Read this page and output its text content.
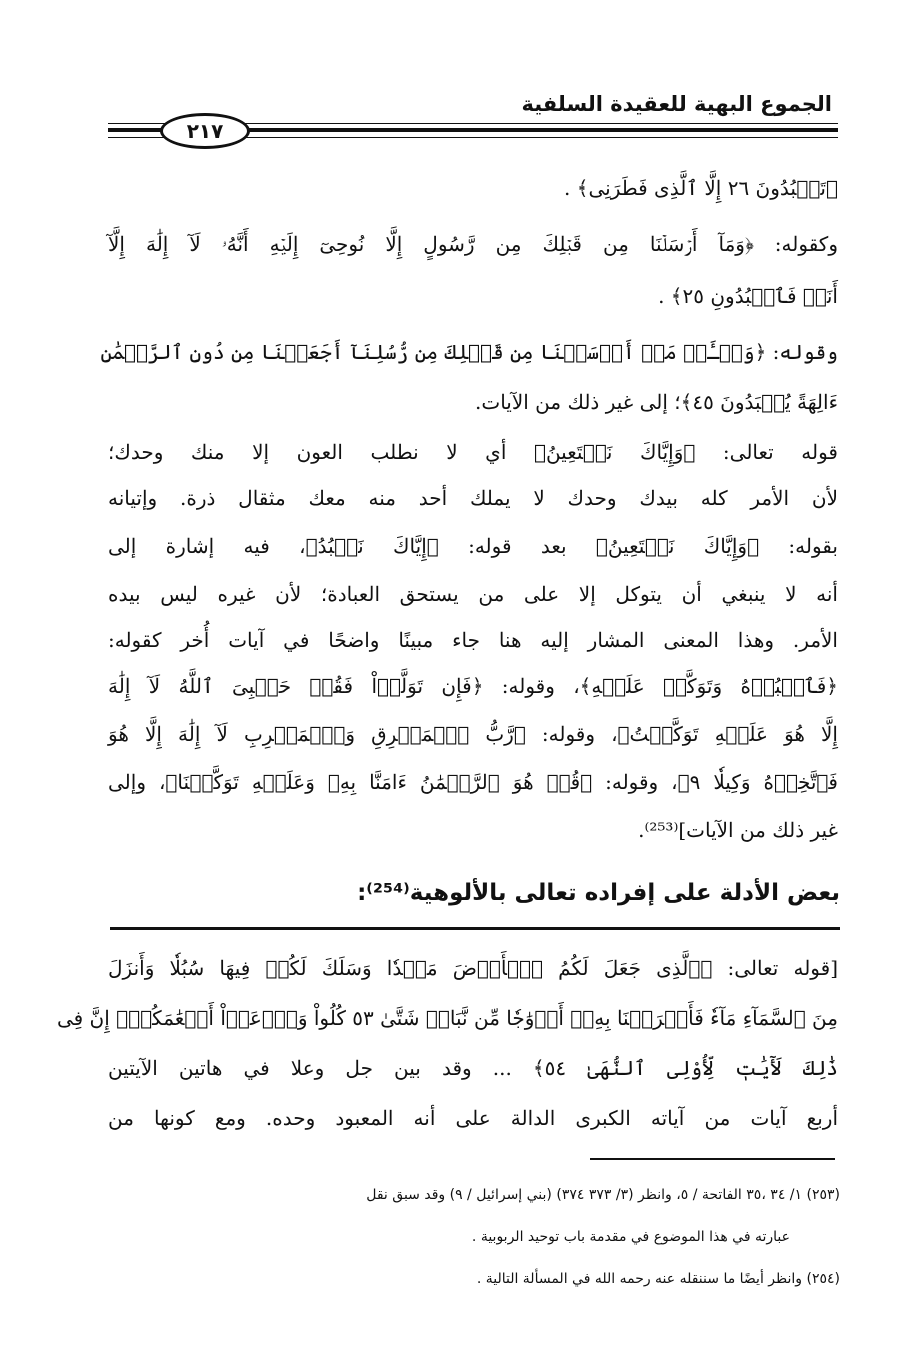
الجموع البهية للعقيدة السلفية
٢١٧
﴿تَعۡبُدُونَ ٢٦ إِلَّا ٱلَّذِی فَطَرَنِی﴾ .
وكقوله: ﴿وَمَآ أَرۡسَلۡنَا مِن قَبۡلِكَ مِن رَّسُولٍ إِلَّا نُوحِیٓ إِلَيۡهِ أَنَّهُۥ لَآ إِلَٰهَ إِلَّآ
أَنَا۠ فَٱعۡبُدُونِ ٢٥﴾ .
وقوله: ﴿وَسۡـَٔلۡ مَنۡ أَرۡسَلۡنَا مِن قَبۡلِكَ مِن رُّسُلِنَآ أَجَعَلۡنَا مِن دُونِ ٱلرَّحۡمَٰنِ
ءَالِهَةً يُعۡبَدُونَ ٤٥﴾؛ إلى غير ذلك من الآيات.
قوله تعالى: ﴿وَإِيَّاكَ نَسۡتَعِينُ﴾ أي لا نطلب العون إلا منك وحدك؛
لأن الأمر كله بيدك وحدك لا يملك أحد منه معك مثقال ذرة. وإتيانه
بقوله: ﴿وَإِيَّاكَ نَسۡتَعِينُ﴾ بعد قوله: ﴿إِيَّاكَ نَعۡبُدُ﴾، فيه إشارة إلى
أنه لا ينبغي أن يتوكل إلا على من يستحق العبادة؛ لأن غيره ليس بيده
الأمر. وهذا المعنى المشار إليه هنا جاء مبينًا واضحًا في آيات أُخر كقوله:
﴿فَٱعۡبُدۡهُ وَتَوَكَّلۡ عَلَيۡهِ﴾، وقوله: ﴿فَإِن تَوَلَّوۡاْ فَقُلۡ حَسۡبِیَ ٱللَّهُ لَآ إِلَٰهَ
إِلَّا هُوَ عَلَيۡهِ تَوَكَّلۡتُ﴾، وقوله: ﴿رَّبُّ ٱلۡمَشۡرِقِ وَٱلۡمَغۡرِبِ لَآ إِلَٰهَ إِلَّا هُوَ
فَٱتَّخِذۡهُ وَكِيلٗا ٩﴾، وقوله: ﴿قُلۡ هُوَ ٱلرَّحۡمَٰنُ ءَامَنَّا بِهِۦ وَعَلَيۡهِ تَوَكَّلۡنَا﴾، وإلى
غير ذلك من الآيات]⁽²⁵³⁾.
بعض الأدلة على إفراده تعالى بالألوهية⁽²⁵⁴⁾:
[قوله تعالى: ﴿ٱلَّذِی جَعَلَ لَكُمُ ٱلۡأَرۡضَ مَهۡدٗا وَسَلَكَ لَكُمۡ فِيهَا سُبُلٗا وَأَنزَلَ
مِنَ ٱلسَّمَآءِ مَآءٗ فَأَخۡرَجۡنَا بِهِۦٓ أَزۡوَٰجٗا مِّن نَّبَاتٖ شَتَّىٰ ٥٣ كُلُواْ وَٱرۡعَوۡاْ أَنۡعَٰمَكُمۡۚ إِنَّ فِی
ذَٰلِكَ لَأٓيَٰتٖ لِّأُوْلِی ٱلنُّهَىٰ ٥٤﴾ ... وقد بين جل وعلا في هاتين الآيتين
أربع آيات من آياته الكبرى الدالة على أنه المعبود وحده. ومع كونها من
(٢٥٣) ١/ ٣٤ ،٣٥ الفاتحة / ٥، وانظر (٣/ ٣٧٣ ٣٧٤) (بني إسرائيل / ٩) وقد سبق نقل
عبارته في هذا الموضوع في مقدمة باب توحيد الربوبية .
(٢٥٤) وانظر أيضًا ما سننقله عنه رحمه الله في المسألة التالية .
